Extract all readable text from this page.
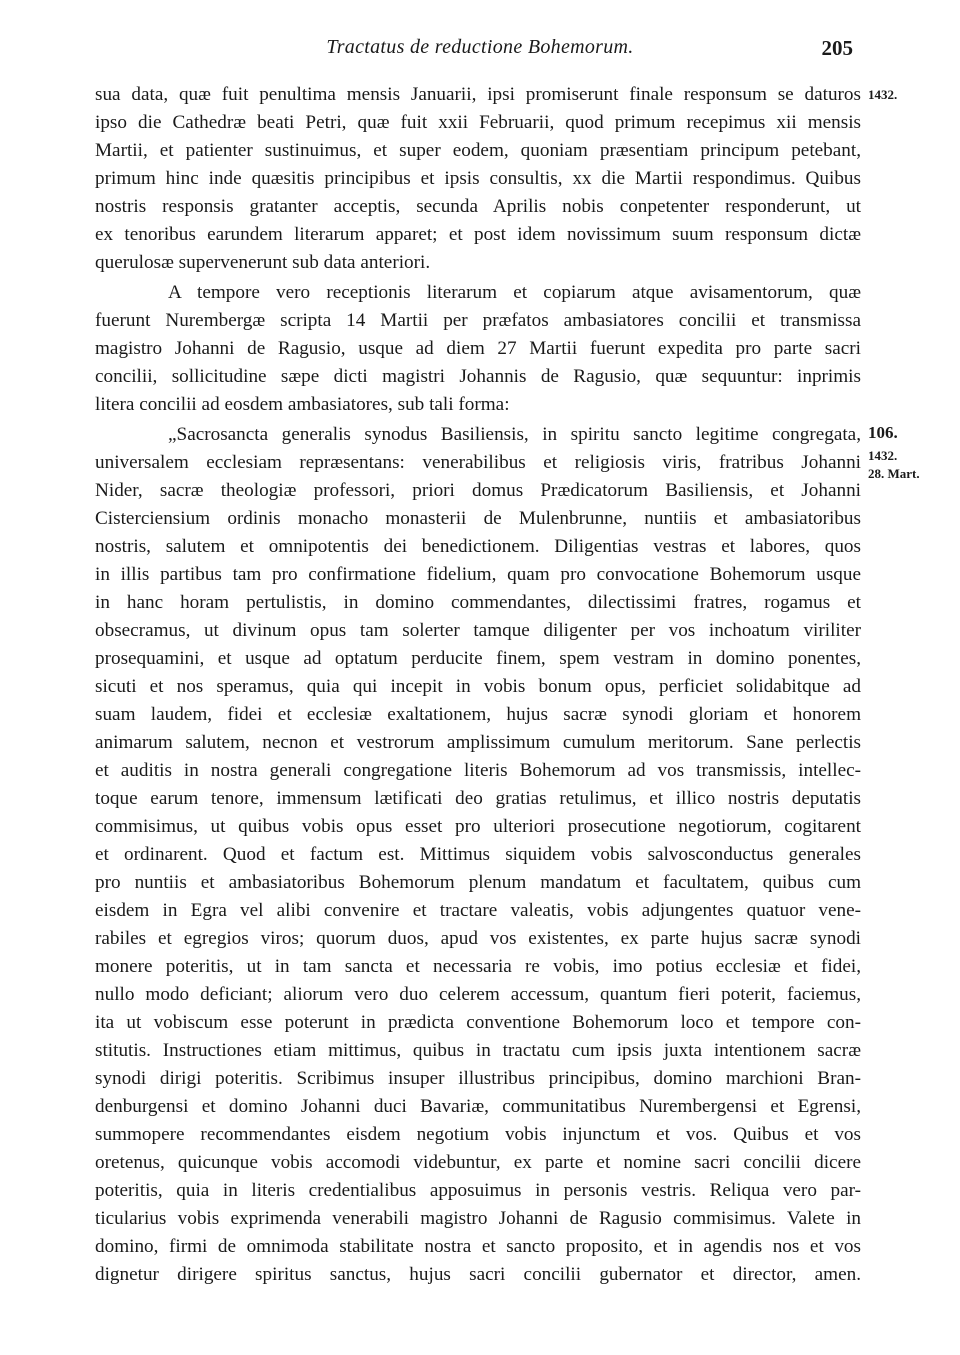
Tractatus de reductione Bohemorum.	205
1432.
106.
1432.
28. Mart.
sua data, quæ fuit penultima mensis Januarii, ipsi promiserunt finale responsum se daturos
ipso die Cathedræ beati Petri, quæ fuit xxii Februarii, quod primum recepimus xii mensis
Martii, et patienter sustinuimus, et super eodem, quoniam præsentiam principum petebant,
primum hinc inde quæsitis principibus et ipsis consultis, xx die Martii respondimus. Quibus
nostris responsis gratanter acceptis, secunda Aprilis nobis conpetenter responderunt, ut
ex tenoribus earundem literarum apparet; et post idem novissimum suum responsum dictæ
querulosæ supervenerunt sub data anteriori.
A tempore vero receptionis literarum et copiarum atque avisamentorum, quæ
fuerunt Nurembergæ scripta 14 Martii per præfatos ambasiatores concilii et transmissa
magistro Johanni de Ragusio, usque ad diem 27 Martii fuerunt expedita pro parte sacri
concilii, sollicitudine sæpe dicti magistri Johannis de Ragusio, quæ sequuntur: inprimis
litera concilii ad eosdem ambasiatores, sub tali forma:
„Sacrosancta generalis synodus Basiliensis, in spiritu sancto legitime congregata,
universalem ecclesiam repræsentans: venerabilibus et religiosis viris, fratribus Johanni
Nider, sacræ theologiæ professori, priori domus Prædicatorum Basiliensis, et Johanni
Cisterciensium ordinis monacho monasterii de Mulenbrunne, nuntiis et ambasiatoribus
nostris, salutem et omnipotentis dei benedictionem. Diligentias vestras et labores, quos
in illis partibus tam pro confirmatione fidelium, quam pro convocatione Bohemorum usque
in hanc horam pertulistis, in domino commendantes, dilectissimi fratres, rogamus et
obsecramus, ut divinum opus tam solerter tamque diligenter per vos inchoatum viriliter
prosequamini, et usque ad optatum perducite finem, spem vestram in domino ponentes,
sicuti et nos speramus, quia qui incepit in vobis bonum opus, perficiet solidabitque ad
suam laudem, fidei et ecclesiæ exaltationem, hujus sacræ synodi gloriam et honorem
animarum salutem, necnon et vestrorum amplissimum cumulum meritorum. Sane perlectis
et auditis in nostra generali congregatione literis Bohemorum ad vos transmissis, intellec-
toque earum tenore, immensum lætificati deo gratias retulimus, et illico nostris deputatis
commisimus, ut quibus vobis opus esset pro ulteriori prosecutione negotiorum, cogitarent
et ordinarent. Quod et factum est. Mittimus siquidem vobis salvosconductus generales
pro nuntiis et ambasiatoribus Bohemorum plenum mandatum et facultatem, quibus cum
eisdem in Egra vel alibi convenire et tractare valeatis, vobis adjungentes quatuor vene-
rabiles et egregios viros; quorum duos, apud vos existentes, ex parte hujus sacræ synodi
monere poteritis, ut in tam sancta et necessaria re vobis, imo potius ecclesiæ et fidei,
nullo modo deficiant; aliorum vero duo celerem accessum, quantum fieri poterit, faciemus,
ita ut vobiscum esse poterunt in prædicta conventione Bohemorum loco et tempore con-
stitutis. Instructiones etiam mittimus, quibus in tractatu cum ipsis juxta intentionem sacræ
synodi dirigi poteritis. Scribimus insuper illustribus principibus, domino marchioni Bran-
denburgensi et domino Johanni duci Bavariæ, communitatibus Nurembergensi et Egrensi,
summopere recommendantes eisdem negotium vobis injunctum et vos. Quibus et vos
oretenus, quicunque vobis accomodi videbuntur, ex parte et nomine sacri concilii dicere
poteritis, quia in literis credentialibus apposuimus in personis vestris. Reliqua vero par-
ticularius vobis exprimenda venerabili magistro Johanni de Ragusio commisimus. Valete in
domino, firmi de omnimoda stabilitate nostra et sancto proposito, et in agendis nos et vos
dignetur dirigere spiritus sanctus, hujus sacri concilii gubernator et director, amen.
